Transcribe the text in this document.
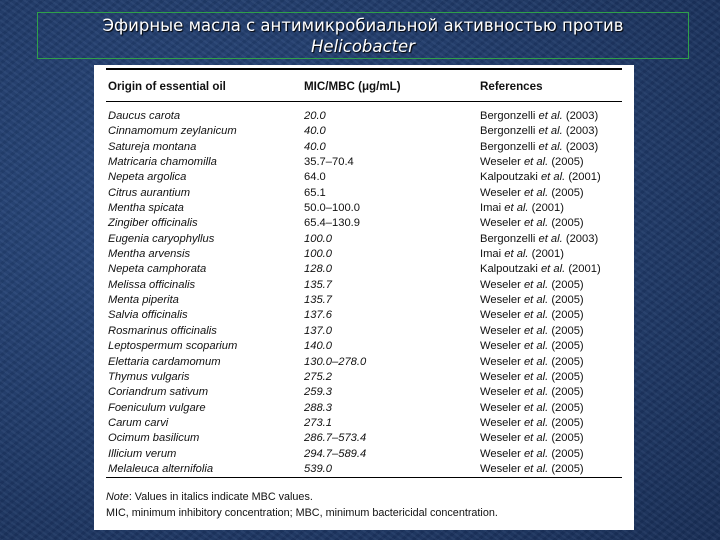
Эфирные масла с антимикробиальной активностью против
Helicobacter
Origin of essential oil	MIC/MBC (μg/mL)	References
Daucus carota	20.0	Bergonzelli et al. (2003)
Cinnamomum zeylanicum	40.0	Bergonzelli et al. (2003)
Satureja montana	40.0	Bergonzelli et al. (2003)
Matricaria chamomilla	35.7–70.4	Weseler et al. (2005)
Nepeta argolica	64.0	Kalpoutzaki et al. (2001)
Citrus aurantium	65.1	Weseler et al. (2005)
Mentha spicata	50.0–100.0	Imai et al. (2001)
Zingiber officinalis	65.4–130.9	Weseler et al. (2005)
Eugenia caryophyllus	100.0	Bergonzelli et al. (2003)
Mentha arvensis	100.0	Imai et al. (2001)
Nepeta camphorata	128.0	Kalpoutzaki et al. (2001)
Melissa officinalis	135.7	Weseler et al. (2005)
Menta piperita	135.7	Weseler et al. (2005)
Salvia officinalis	137.6	Weseler et al. (2005)
Rosmarinus officinalis	137.0	Weseler et al. (2005)
Leptospermum scoparium	140.0	Weseler et al. (2005)
Elettaria cardamomum	130.0–278.0	Weseler et al. (2005)
Thymus vulgaris	275.2	Weseler et al. (2005)
Coriandrum sativum	259.3	Weseler et al. (2005)
Foeniculum vulgare	288.3	Weseler et al. (2005)
Carum carvi	273.1	Weseler et al. (2005)
Ocimum basilicum	286.7–573.4	Weseler et al. (2005)
Illicium verum	294.7–589.4	Weseler et al. (2005)
Melaleuca alternifolia	539.0	Weseler et al. (2005)
Note: Values in italics indicate MBC values.
MIC, minimum inhibitory concentration; MBC, minimum bactericidal concentration.
